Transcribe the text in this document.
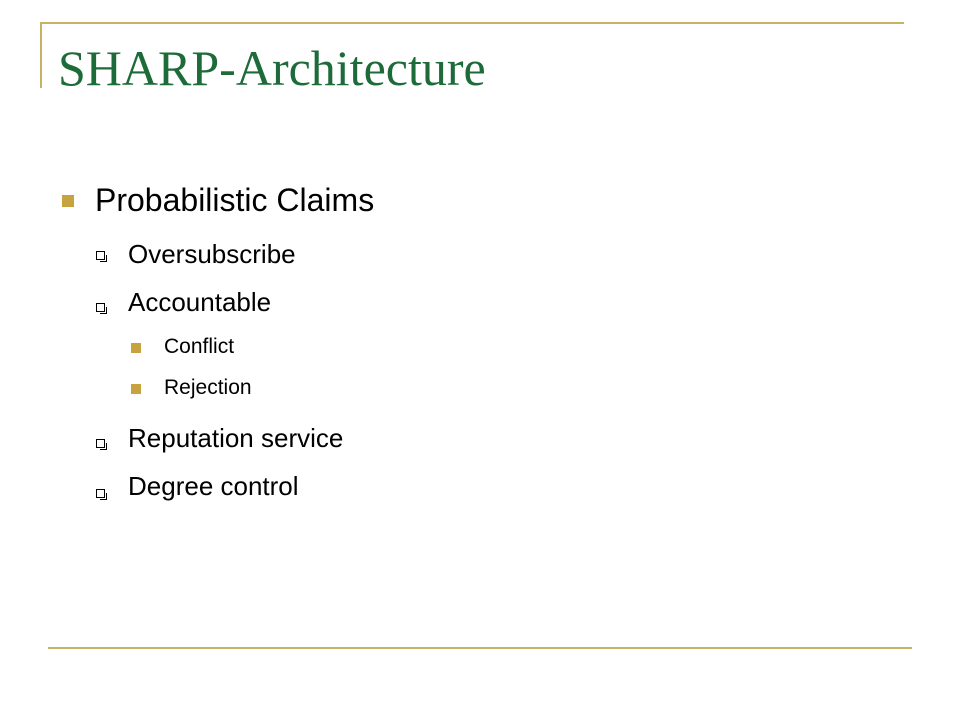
SHARP-Architecture
Probabilistic Claims
Oversubscribe
Accountable
Conflict
Rejection
Reputation service
Degree control
